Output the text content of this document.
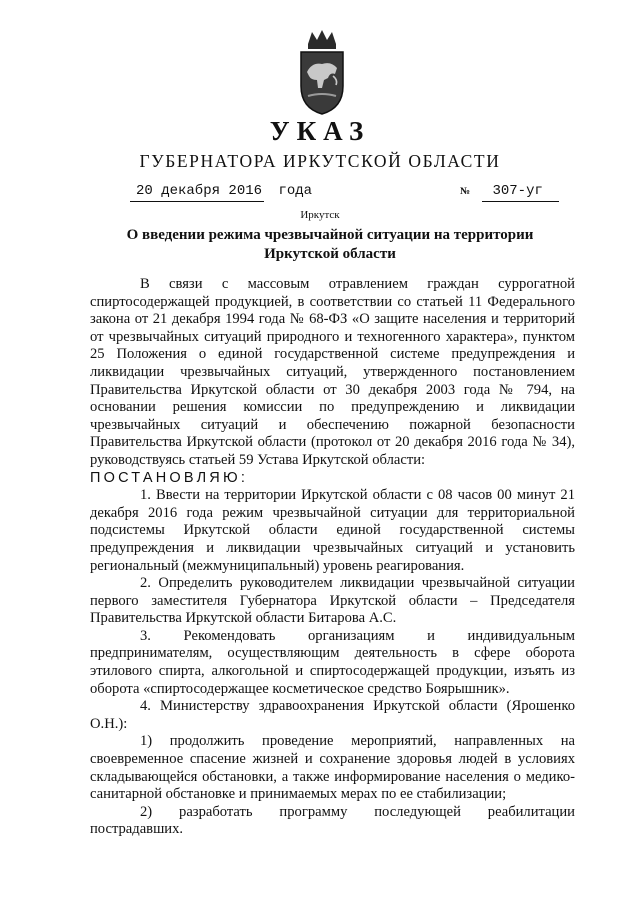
УКАЗ
ГУБЕРНАТОРА ИРКУТСКОЙ ОБЛАСТИ
20 декабря 2016 года	№ 307-уг
Иркутск
О введении режима чрезвычайной ситуации на территории Иркутской области

В связи с массовым отравлением граждан суррогатной спиртосодержащей продукцией, в соответствии со статьей 11 Федерального закона от 21 декабря 1994 года № 68-ФЗ «О защите населения и территорий от чрезвычайных ситуаций природного и техногенного характера», пунктом 25 Положения о единой государственной системе предупреждения и ликвидации чрезвычайных ситуаций, утвержденного постановлением Правительства Иркутской области от 30 декабря 2003 года № 794, на основании решения комиссии по предупреждению и ликвидации чрезвычайных ситуаций и обеспечению пожарной безопасности Правительства Иркутской области (протокол от 20 декабря 2016 года № 34), руководствуясь статьей 59 Устава Иркутской области:

ПОСТАНОВЛЯЮ:

1. Ввести на территории Иркутской области с 08 часов 00 минут 21 декабря 2016 года режим чрезвычайной ситуации для территориальной подсистемы Иркутской области единой государственной системы предупреждения и ликвидации чрезвычайных ситуаций и установить региональный (межмуниципальный) уровень реагирования.

2. Определить руководителем ликвидации чрезвычайной ситуации первого заместителя Губернатора Иркутской области – Председателя Правительства Иркутской области Битарова А.С.

3. Рекомендовать организациям и индивидуальным предпринимателям, осуществляющим деятельность в сфере оборота этилового спирта, алкогольной и спиртосодержащей продукции, изъять из оборота «спиртосодержащее косметическое средство Боярышник».

4. Министерству здравоохранения Иркутской области (Ярошенко О.Н.):

1) продолжить проведение мероприятий, направленных на своевременное спасение жизней и сохранение здоровья людей в условиях складывающейся обстановки, а также информирование населения о медико-санитарной обстановке и принимаемых мерах по ее стабилизации;

2) разработать программу последующей реабилитации пострадавших.
